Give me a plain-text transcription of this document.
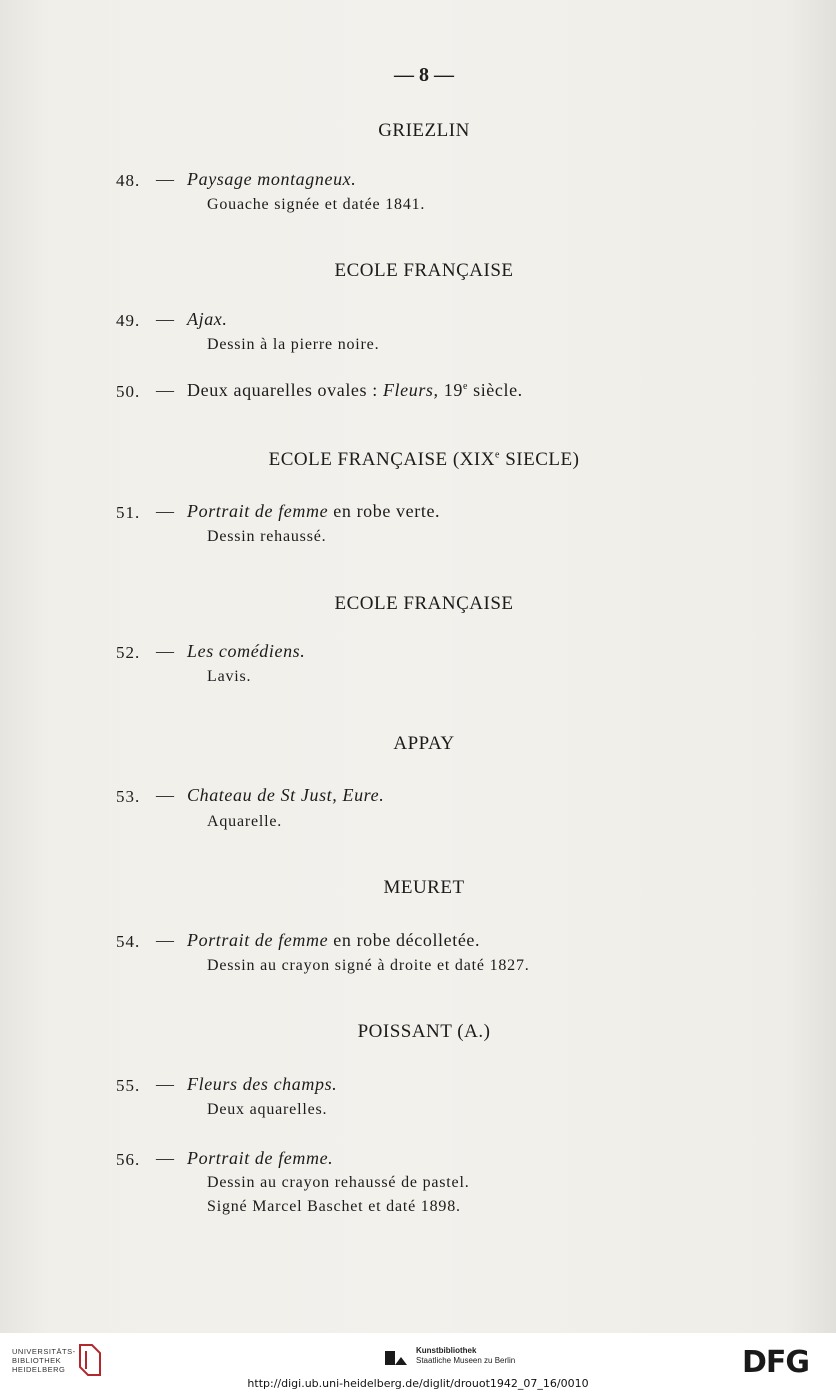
— 8 —
GRIEZLIN
48. — Paysage montagneux.
Gouache signée et datée 1841.
ECOLE FRANÇAISE
49. — Ajax.
Dessin à la pierre noire.
50. — Deux aquarelles ovales : Fleurs, 19e siècle.
ECOLE FRANÇAISE (XIXe SIECLE)
51. — Portrait de femme en robe verte.
Dessin rehaussé.
ECOLE FRANÇAISE
52. — Les comédiens.
Lavis.
APPAY
53. — Chateau de St Just, Eure.
Aquarelle.
MEURET
54. — Portrait de femme en robe décolletée.
Dessin au crayon signé à droite et daté 1827.
POISSANT (A.)
55. — Fleurs des champs.
Deux aquarelles.
56. — Portrait de femme.
Dessin au crayon rehaussé de pastel.
Signé Marcel Baschet et daté 1898.
UNIVERSITÄTS-
BIBLIOTHEK
HEIDELBERG
Kunstbibliothek
Staatliche Museen zu Berlin	DFG
http://digi.ub.uni-heidelberg.de/diglit/drouot1942_07_16/0010
